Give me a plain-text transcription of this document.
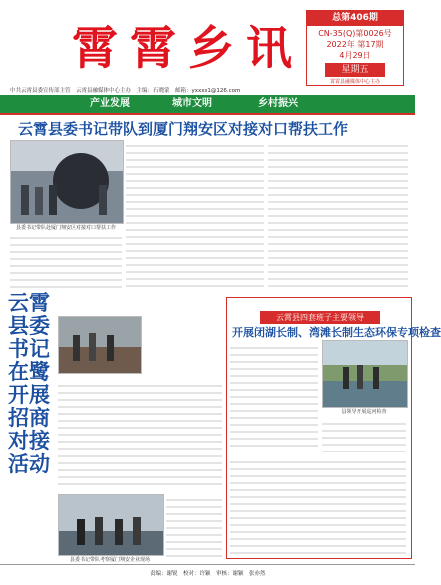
霄霄乡讯
总第406期
CN-35(Q)第0026号
2022年 第17期
4月29日
星期五
霄霄县融媒体中心主办
中共云霄县委宣传部主管　云霄县融媒体中心主办　主编：石晓蒙　邮箱：yxxxs1@126.com
产业发展	城市文明	乡村振兴
云霄县委书记带队到厦门翔安区对接对口帮扶工作
县委书记带队赴厦门翔安区对接对口帮扶工作
云霄县委书记在鹭开展招商对接活动
县委书记带队考察厦门翔安企业现场
云霄县四套班子主要领导
开展闭湖长制、湾滩长制生态环保专项检查
县领导开展巡河检查
责编：谢锐　校对：许颖　审核：谢颖　张亦然
